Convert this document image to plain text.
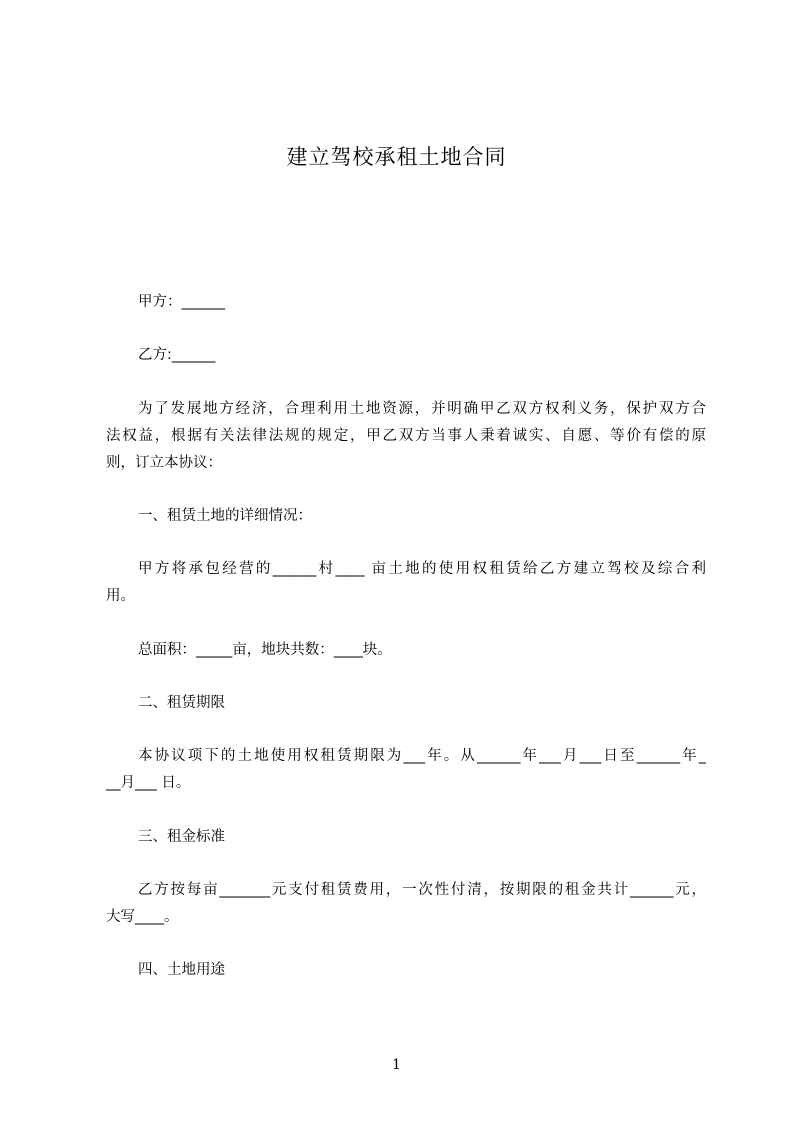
建立驾校承租土地合同

甲方：______

乙方:______

为了发展地方经济，合理利用土地资源，并明确甲乙双方权利义务，保护双方合

法权益，根据有关法律法规的规定，甲乙双方当事人秉着诚实、自愿、等价有偿的原

则，订立本协议：

一、租赁土地的详细情况：

甲方将承包经营的______村____ 亩土地的使用权租赁给乙方建立驾校及综合利

用。

总面积：_____亩，地块共数：____块。

二、租赁期限

本协议项下的土地使用权租赁期限为___年。从______年___月___日至______年_

__月___ 日。

三、租金标准

乙方按每亩_______元支付租赁费用，一次性付清，按期限的租金共计______元，

大写____。

四、土地用途

1
